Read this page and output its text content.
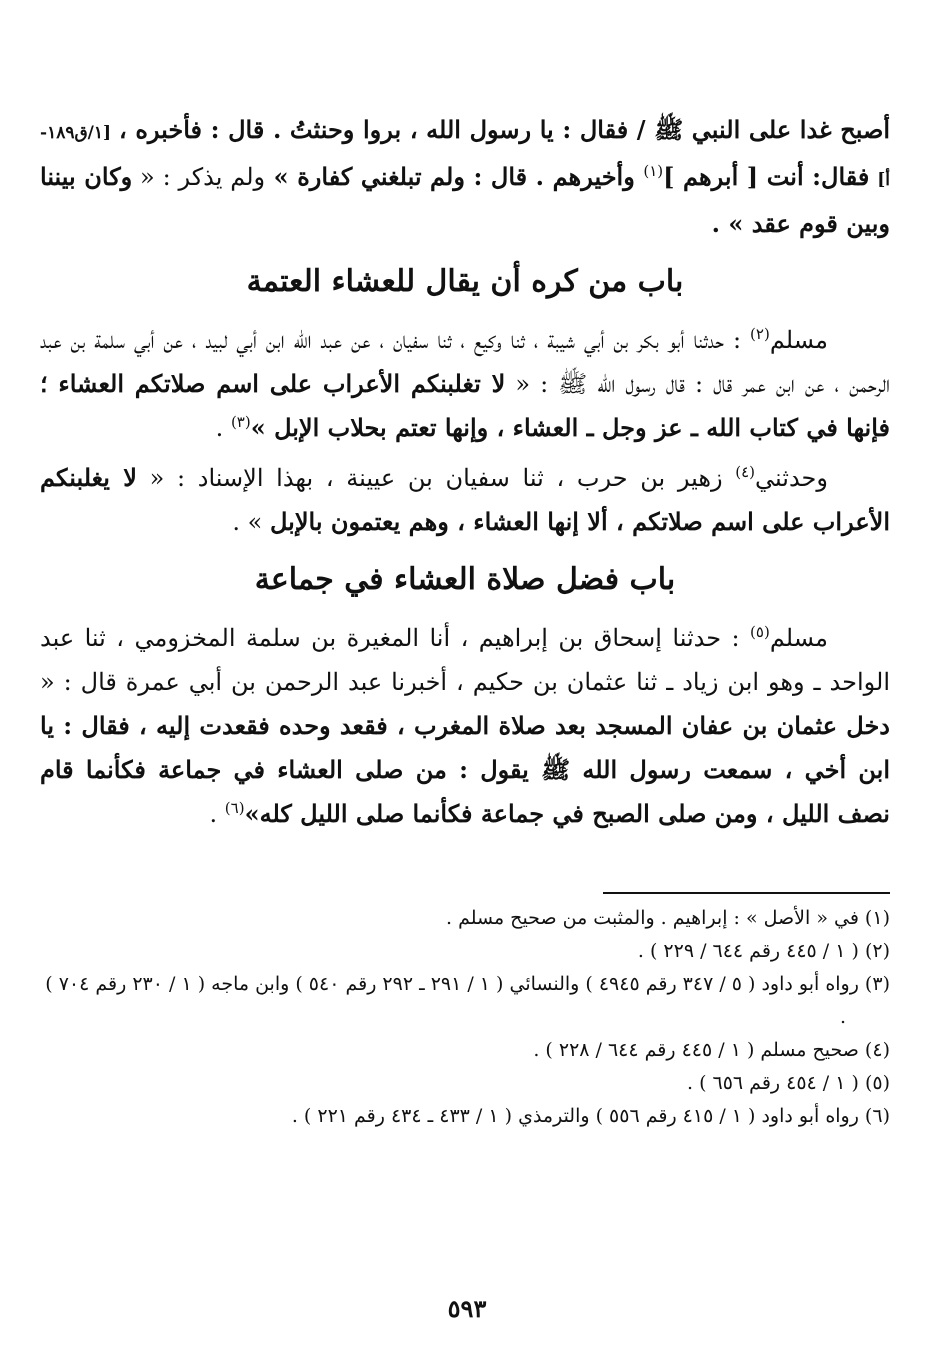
أصبح غدا على النبي ﷺ / فقال : يا رسول الله ، بروا وحنثتُ . قال : فأخبره ، [١/ق١٨٩-أ] فقال: أنت [ أبرهم ]$^{(١)}$ وأخيرهم . قال : ولم تبلغني كفارة » ولم يذكر : « وكان بيننا وبين قوم عقد » .

باب من كره أن يقال للعشاء العتمة

مسلم$^{(٢)}$ : حدثنا أبو بكر بن أبي شيبة ، ثنا وكيع ، ثنا سفيان ، عن عبد الله ابن أبي لبيد ، عن أبي سلمة بن عبد الرحمن ، عن ابن عمر قال : قال رسول الله ﷺ : « لا تغلبنكم الأعراب على اسم صلاتكم العشاء ؛ فإنها في كتاب الله ـ عز وجل ـ العشاء ، وإنها تعتم بحلاب الإبل »$^{(٣)}$ .

وحدثني$^{(٤)}$ زهير بن حرب ، ثنا سفيان بن عيينة ، بهذا الإسناد : « لا يغلبنكم الأعراب على اسم صلاتكم ، ألا إنها العشاء ، وهم يعتمون بالإبل » .

باب فضل صلاة العشاء في جماعة

مسلم$^{(٥)}$ : حدثنا إسحاق بن إبراهيم ، أنا المغيرة بن سلمة المخزومي ، ثنا عبد الواحد ـ وهو ابن زياد ـ ثنا عثمان بن حكيم ، أخبرنا عبد الرحمن بن أبي عمرة قال : « دخل عثمان بن عفان المسجد بعد صلاة المغرب ، فقعد وحده فقعدت إليه ، فقال : يا ابن أخي ، سمعت رسول الله ﷺ يقول : من صلى العشاء في جماعة فكأنما قام نصف الليل ، ومن صلى الصبح في جماعة فكأنما صلى الليل كله»$^{(٦)}$ .

(١) في « الأصل » : إبراهيم . والمثبت من صحيح مسلم .
(٢) ( ١ / ٤٤٥ رقم ٦٤٤ / ٢٢٩ ) .
(٣) رواه أبو داود ( ٥ / ٣٤٧ رقم ٤٩٤٥ ) والنسائي ( ١ / ٢٩١ ـ ٢٩٢ رقم ٥٤٠ ) وابن ماجه ( ١ / ٢٣٠ رقم ٧٠٤ ) .
(٤) صحيح مسلم ( ١ / ٤٤٥ رقم ٦٤٤ / ٢٢٨ ) .
(٥) ( ١ / ٤٥٤ رقم ٦٥٦ ) .
(٦) رواه أبو داود ( ١ / ٤١٥ رقم ٥٥٦ ) والترمذي ( ١ / ٤٣٣ ـ ٤٣٤ رقم ٢٢١ ) .
٥٩٣
